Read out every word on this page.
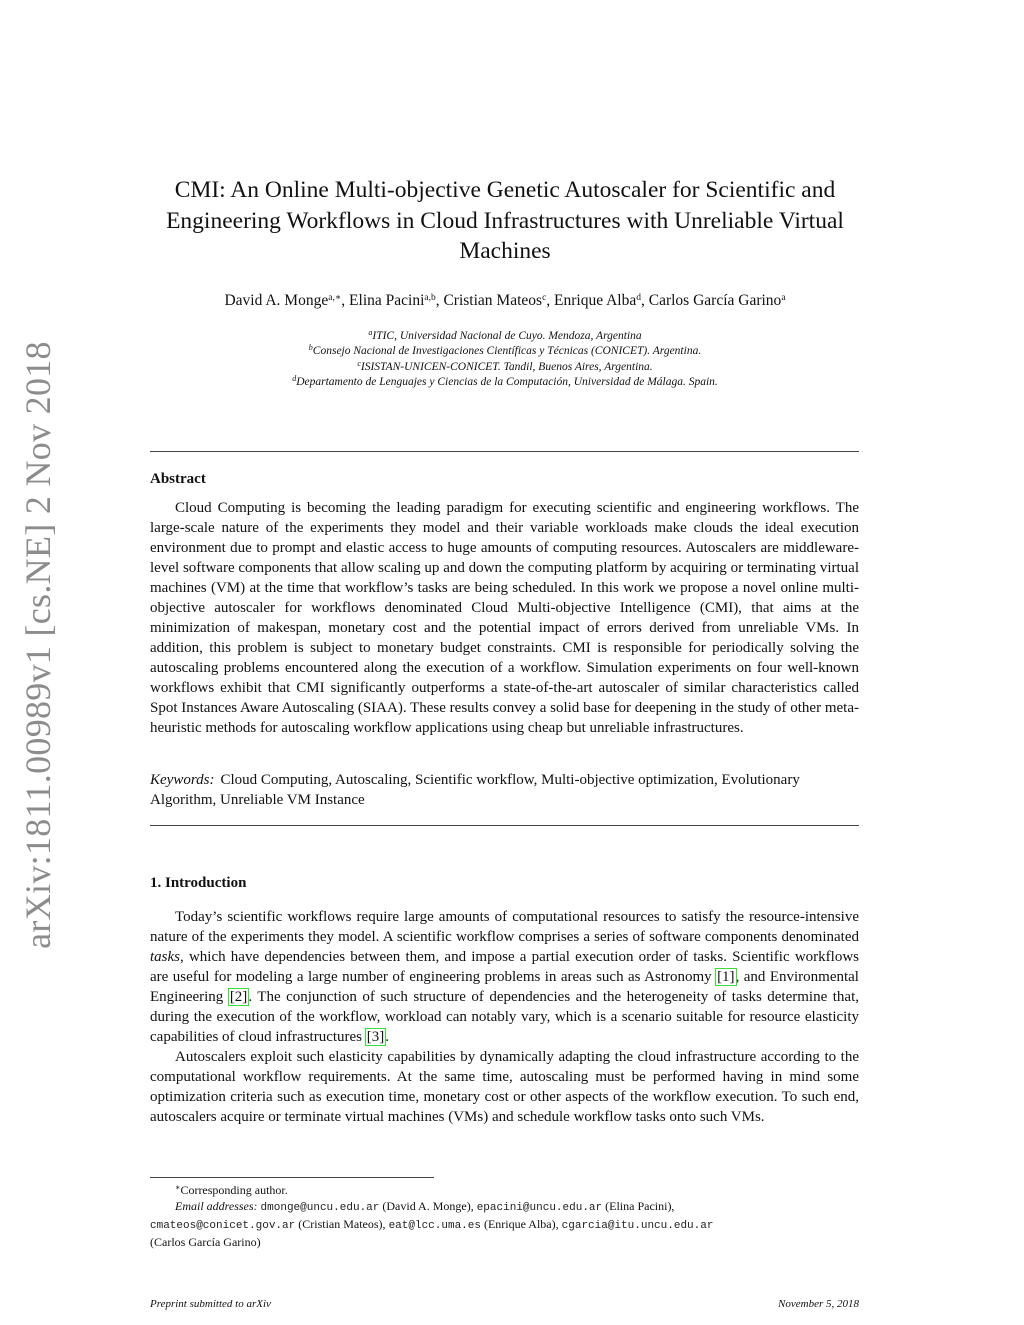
arXiv:1811.00989v1 [cs.NE] 2 Nov 2018
CMI: An Online Multi-objective Genetic Autoscaler for Scientific and
Engineering Workflows in Cloud Infrastructures with Unreliable Virtual
Machines
David A. Monge$^{a,∗}$, Elina Pacini$^{a,b}$, Cristian Mateos$^c$, Enrique Alba$^d$, Carlos García Garino$^a$
$^a$ITIC, Universidad Nacional de Cuyo. Mendoza, Argentina
$^b$Consejo Nacional de Investigaciones Científicas y Técnicas (CONICET). Argentina.
$^c$ISISTAN-UNICEN-CONICET. Tandil, Buenos Aires, Argentina.
$^d$Departamento de Lenguajes y Ciencias de la Computación, Universidad de Málaga. Spain.
Abstract

Cloud Computing is becoming the leading paradigm for executing scientific and engineering workflows. The large-scale nature of the experiments they model and their variable workloads make clouds the ideal execution environment due to prompt and elastic access to huge amounts of computing resources. Autoscalers are middleware-level software components that allow scaling up and down the computing platform by acquiring or terminating virtual machines (VM) at the time that workflow’s tasks are being scheduled. In this work we propose a novel online multi-objective autoscaler for workflows denominated Cloud Multi-objective Intelligence (CMI), that aims at the minimization of makespan, monetary cost and the potential impact of errors derived from unreliable VMs. In addition, this problem is subject to monetary budget constraints. CMI is responsible for periodically solving the autoscaling problems encountered along the execution of a workflow. Simulation experiments on four well-known workflows exhibit that CMI significantly outperforms a state-of-the-art autoscaler of similar characteristics called Spot Instances Aware Autoscaling (SIAA). These results convey a solid base for deepening in the study of other meta-heuristic methods for autoscaling workflow applications using cheap but unreliable infrastructures.

Keywords: Cloud Computing, Autoscaling, Scientific workflow, Multi-objective optimization, Evolutionary Algorithm, Unreliable VM Instance

1. Introduction

Today’s scientific workflows require large amounts of computational resources to satisfy the resource-intensive nature of the experiments they model. A scientific workflow comprises a series of software components denominated tasks, which have dependencies between them, and impose a partial execution order of tasks. Scientific workflows are useful for modeling a large number of engineering problems in areas such as Astronomy [1], and Environmental Engineering [2]. The conjunction of such structure of dependencies and the heterogeneity of tasks determine that, during the execution of the workflow, workload can notably vary, which is a scenario suitable for resource elasticity capabilities of cloud infrastructures [3].

Autoscalers exploit such elasticity capabilities by dynamically adapting the cloud infrastructure according to the computational workflow requirements. At the same time, autoscaling must be performed having in mind some optimization criteria such as execution time, monetary cost or other aspects of the workflow execution. To such end, autoscalers acquire or terminate virtual machines (VMs) and schedule workflow tasks onto such VMs.

∗Corresponding author.
Email addresses: dmonge@uncu.edu.ar (David A. Monge), epacini@uncu.edu.ar (Elina Pacini),
cmateos@conicet.gov.ar (Cristian Mateos), eat@lcc.uma.es (Enrique Alba), cgarcia@itu.uncu.edu.ar
(Carlos García Garino)
Preprint submitted to arXiv	November 5, 2018
